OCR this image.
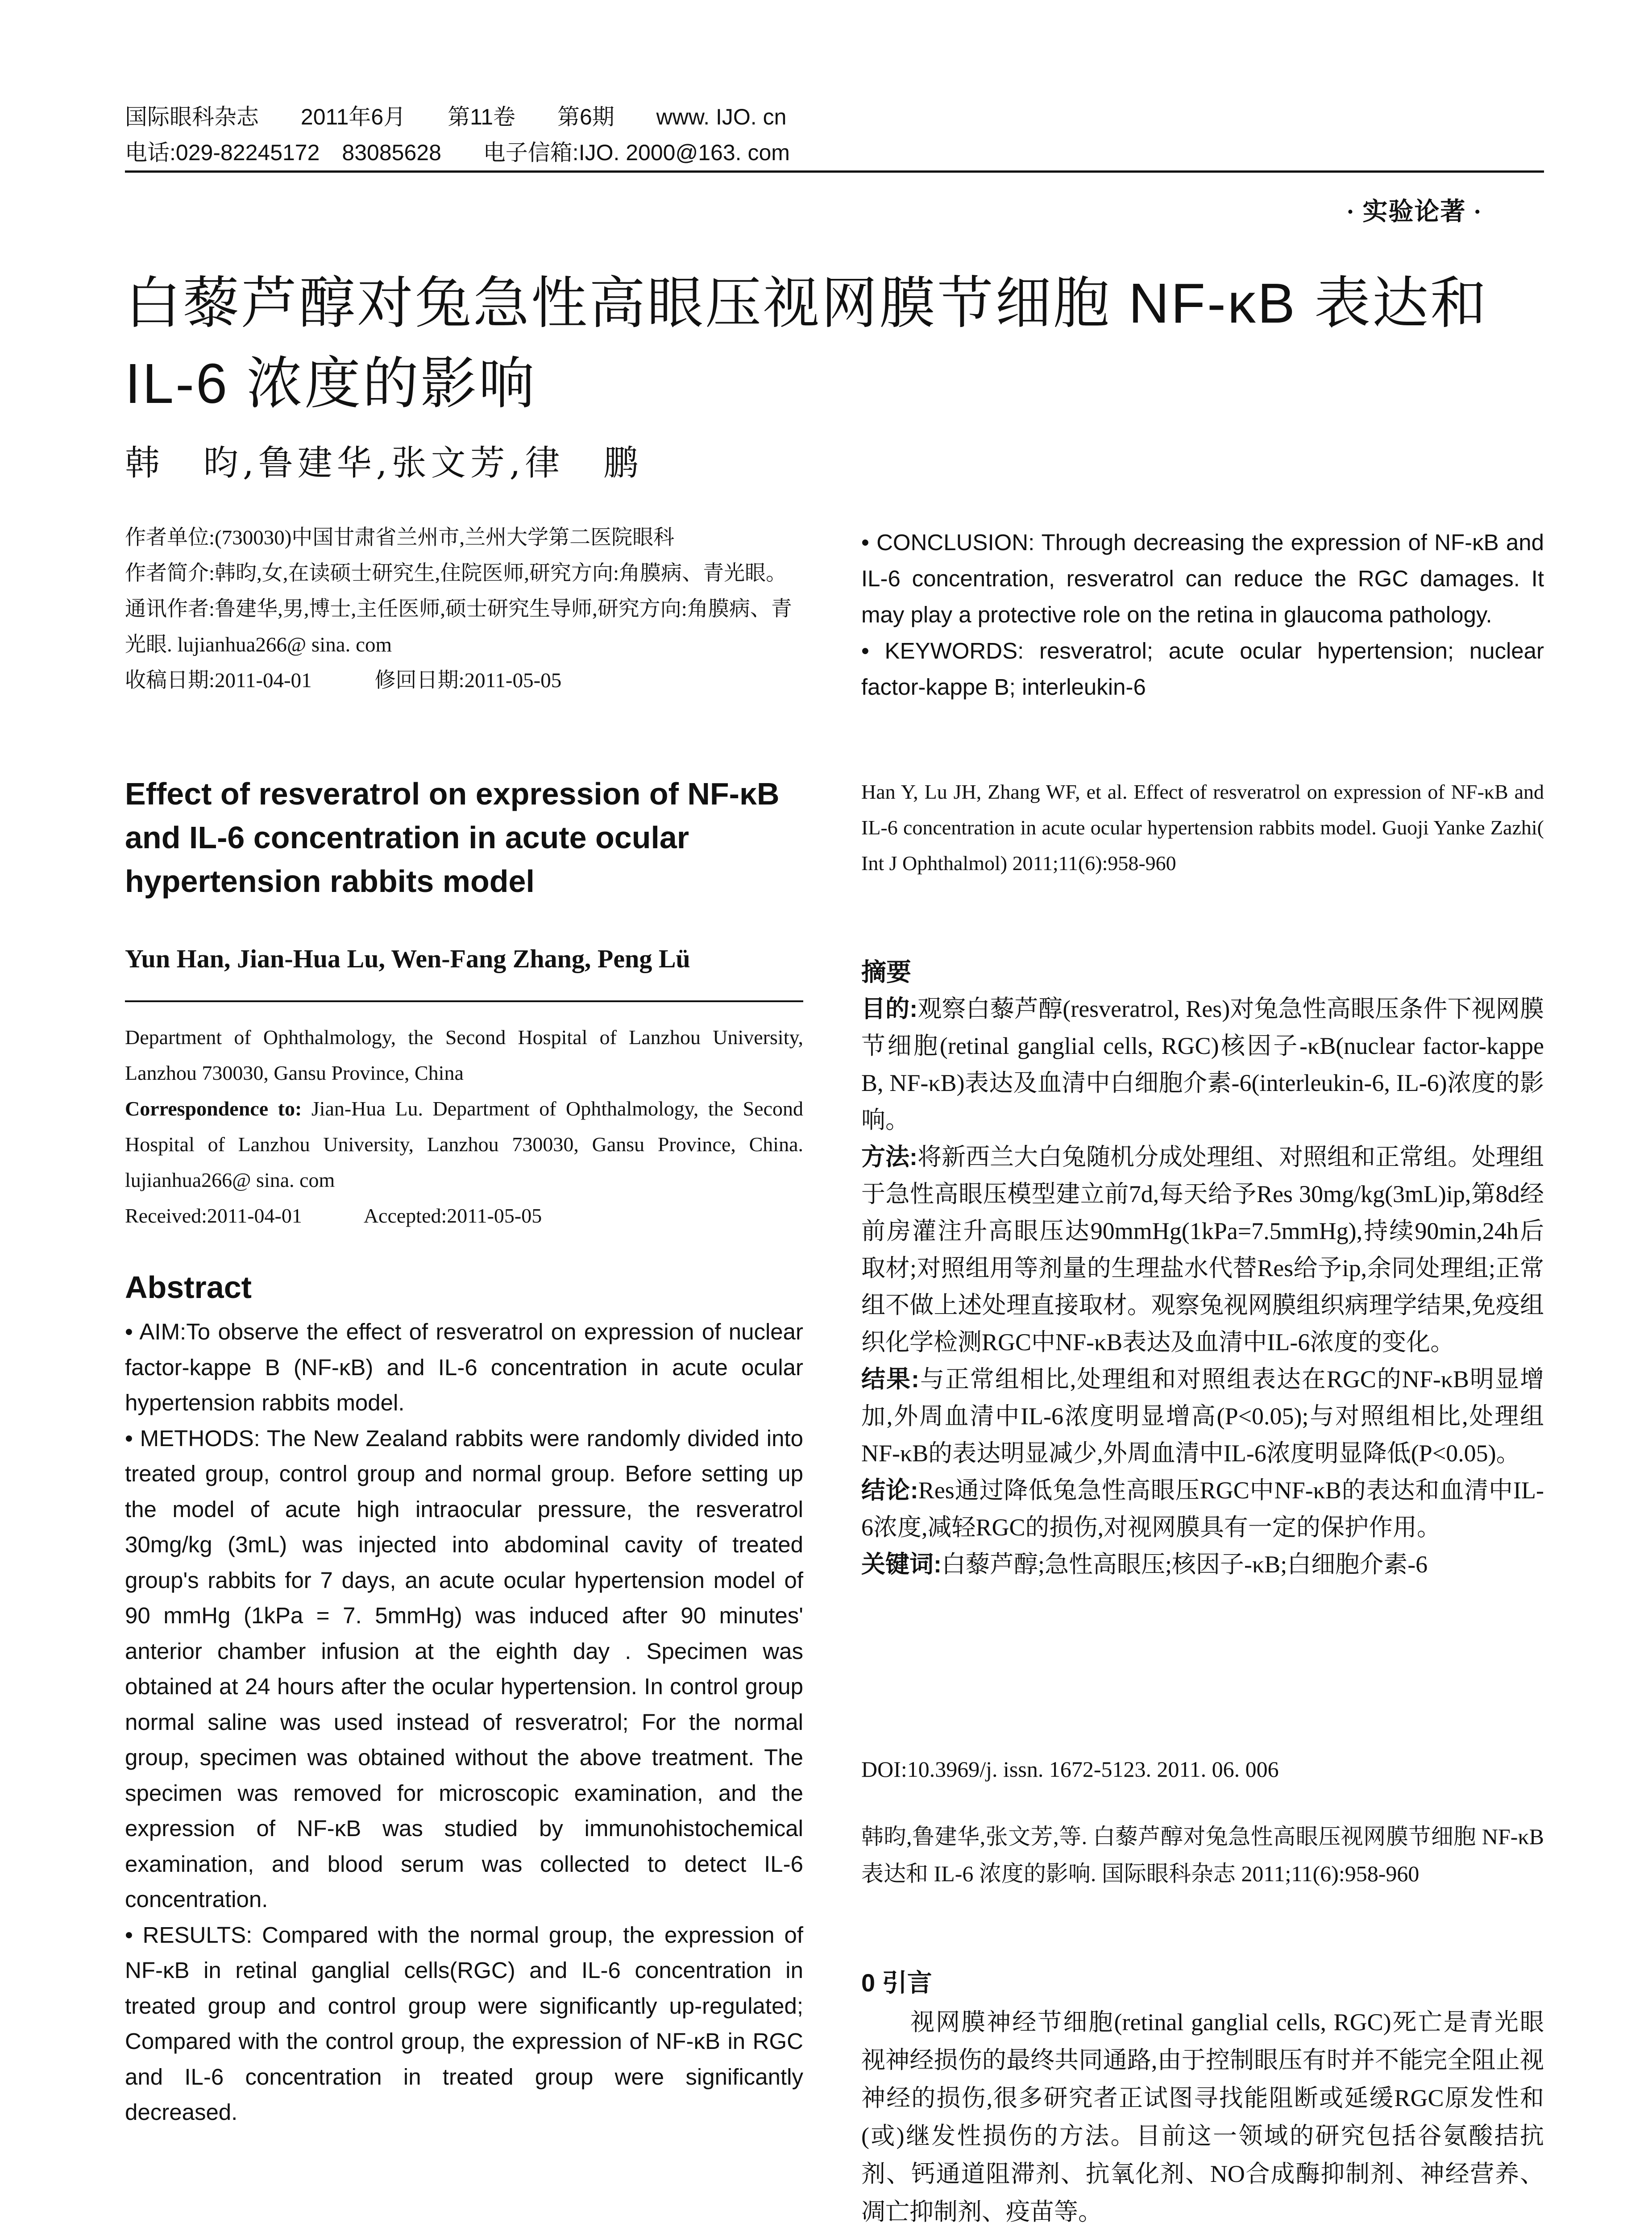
国际眼科杂志 2011年6月 第11卷 第6期 www. IJO. cn
电话:029-82245172　83085628 电子信箱:IJO. 2000@163. com
· 实验论著 ·
白藜芦醇对兔急性高眼压视网膜节细胞 NF-κB 表达和 IL-6 浓度的影响
韩　昀,鲁建华,张文芳,律　鹏
作者单位:(730030)中国甘肃省兰州市,兰州大学第二医院眼科
作者简介:韩昀,女,在读硕士研究生,住院医师,研究方向:角膜病、青光眼。
通讯作者:鲁建华,男,博士,主任医师,硕士研究生导师,研究方向:角膜病、青光眼. lujianhua266@ sina. com
收稿日期:2011-04-01　　　修回日期:2011-05-05
Effect of resveratrol on expression of NF-κB and IL-6 concentration in acute ocular hypertension rabbits model
Yun Han, Jian-Hua Lu, Wen-Fang Zhang, Peng Lü
Department of Ophthalmology, the Second Hospital of Lanzhou University, Lanzhou 730030, Gansu Province, China
Correspondence to: Jian-Hua Lu. Department of Ophthalmology, the Second Hospital of Lanzhou University, Lanzhou 730030, Gansu Province, China. lujianhua266@ sina. com
Received:2011-04-01　　　Accepted:2011-05-05
Abstract

• AIM:To observe the effect of resveratrol on expression of nuclear factor-kappe B (NF-κB) and IL-6 concentration in acute ocular hypertension rabbits model.

• METHODS: The New Zealand rabbits were randomly divided into treated group, control group and normal group. Before setting up the model of acute high intraocular pressure, the resveratrol 30mg/kg (3mL) was injected into abdominal cavity of treated group's rabbits for 7 days, an acute ocular hypertension model of 90 mmHg (1kPa = 7. 5mmHg) was induced after 90 minutes' anterior chamber infusion at the eighth day . Specimen was obtained at 24 hours after the ocular hypertension. In control group normal saline was used instead of resveratrol; For the normal group, specimen was obtained without the above treatment. The specimen was removed for microscopic examination, and the expression of NF-κB was studied by immunohistochemical examination, and blood serum was collected to detect IL-6 concentration.

• RESULTS: Compared with the normal group, the expression of NF-κB in retinal ganglial cells(RGC) and IL-6 concentration in treated group and control group were significantly up-regulated; Compared with the control group, the expression of NF-κB in RGC and IL-6 concentration in treated group were significantly decreased.

• CONCLUSION: Through decreasing the expression of NF-κB and IL-6 concentration, resveratrol can reduce the RGC damages. It may play a protective role on the retina in glaucoma pathology.

• KEYWORDS: resveratrol; acute ocular hypertension; nuclear factor-kappe B; interleukin-6

Han Y, Lu JH, Zhang WF, et al. Effect of resveratrol on expression of NF-κB and IL-6 concentration in acute ocular hypertension rabbits model. Guoji Yanke Zazhi( Int J Ophthalmol) 2011;11(6):958-960
摘要

目的:观察白藜芦醇(resveratrol, Res)对兔急性高眼压条件下视网膜节细胞(retinal ganglial cells, RGC)核因子-κB(nuclear factor-kappe B, NF-κB)表达及血清中白细胞介素-6(interleukin-6, IL-6)浓度的影响。

方法:将新西兰大白兔随机分成处理组、对照组和正常组。处理组于急性高眼压模型建立前7d,每天给予Res 30mg/kg(3mL)ip,第8d经前房灌注升高眼压达90mmHg(1kPa=7.5mmHg),持续90min,24h后取材;对照组用等剂量的生理盐水代替Res给予ip,余同处理组;正常组不做上述处理直接取材。观察兔视网膜组织病理学结果,免疫组织化学检测RGC中NF-κB表达及血清中IL-6浓度的变化。

结果:与正常组相比,处理组和对照组表达在RGC的NF-κB明显增加,外周血清中IL-6浓度明显增高(P<0.05);与对照组相比,处理组NF-κB的表达明显减少,外周血清中IL-6浓度明显降低(P<0.05)。

结论:Res通过降低兔急性高眼压RGC中NF-κB的表达和血清中IL-6浓度,减轻RGC的损伤,对视网膜具有一定的保护作用。

关键词:白藜芦醇;急性高眼压;核因子-κB;白细胞介素-6

DOI:10.3969/j. issn. 1672-5123. 2011. 06. 006
韩昀,鲁建华,张文芳,等. 白藜芦醇对兔急性高眼压视网膜节细胞 NF-κB 表达和 IL-6 浓度的影响. 国际眼科杂志 2011;11(6):958-960
0 引言

视网膜神经节细胞(retinal ganglial cells, RGC)死亡是青光眼视神经损伤的最终共同通路,由于控制眼压有时并不能完全阻止视神经的损伤,很多研究者正试图寻找能阻断或延缓RGC原发性和(或)继发性损伤的方法。目前这一领域的研究包括谷氨酸拮抗剂、钙通道阻滞剂、抗氧化剂、NO合成酶抑制剂、神经营养、凋亡抑制剂、疫苗等。
